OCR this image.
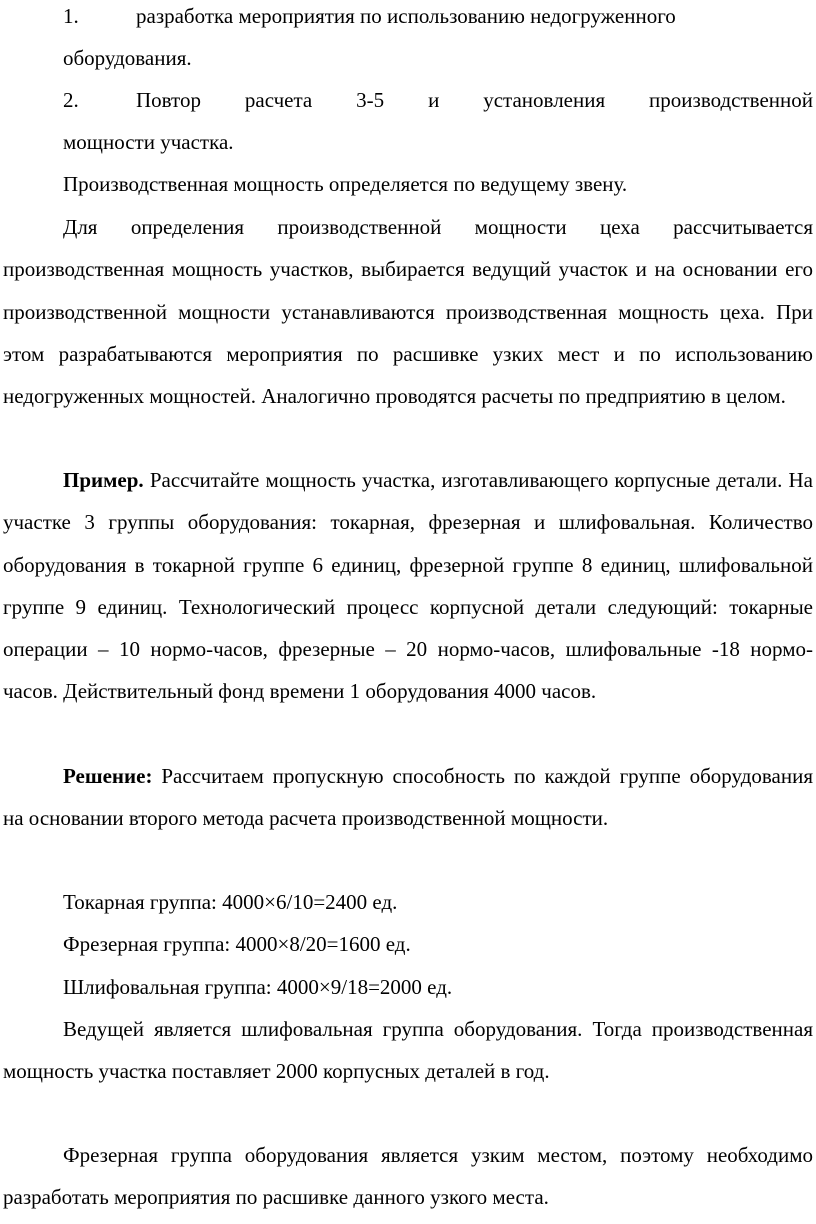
1.	разработка мероприятия по использованию недогруженного
оборудования.
2.	Повтор расчета 3-5 и установления производственной
мощности участка.

Производственная мощность определяется по ведущему звену.

Для определения производственной мощности цеха рассчитывается производственная мощность участков, выбирается ведущий участок и на основании его производственной мощности устанавливаются производственная мощность цеха. При этом разрабатываются мероприятия по расшивке узких мест и по использованию недогруженных мощностей. Аналогично проводятся расчеты по предприятию в целом.

Пример. Рассчитайте мощность участка, изготавливающего корпусные детали. На участке 3 группы оборудования: токарная, фрезерная и шлифовальная. Количество оборудования в токарной группе 6 единиц, фрезерной группе 8 единиц, шлифовальной группе 9 единиц. Технологический процесс корпусной детали следующий: токарные операции – 10 нормо-часов, фрезерные – 20 нормо-часов, шлифовальные -18 нормо-часов. Действительный фонд времени 1 оборудования 4000 часов.

Решение: Рассчитаем пропускную способность по каждой группе оборудования на основании второго метода расчета производственной мощности.

Токарная группа: 4000×6/10=2400 ед.

Фрезерная группа: 4000×8/20=1600 ед.

Шлифовальная группа: 4000×9/18=2000 ед.

Ведущей является шлифовальная группа оборудования. Тогда производственная мощность участка поставляет 2000 корпусных деталей в год.

Фрезерная группа оборудования является узким местом, поэтому необходимо разработать мероприятия по расшивке данного узкого места.
